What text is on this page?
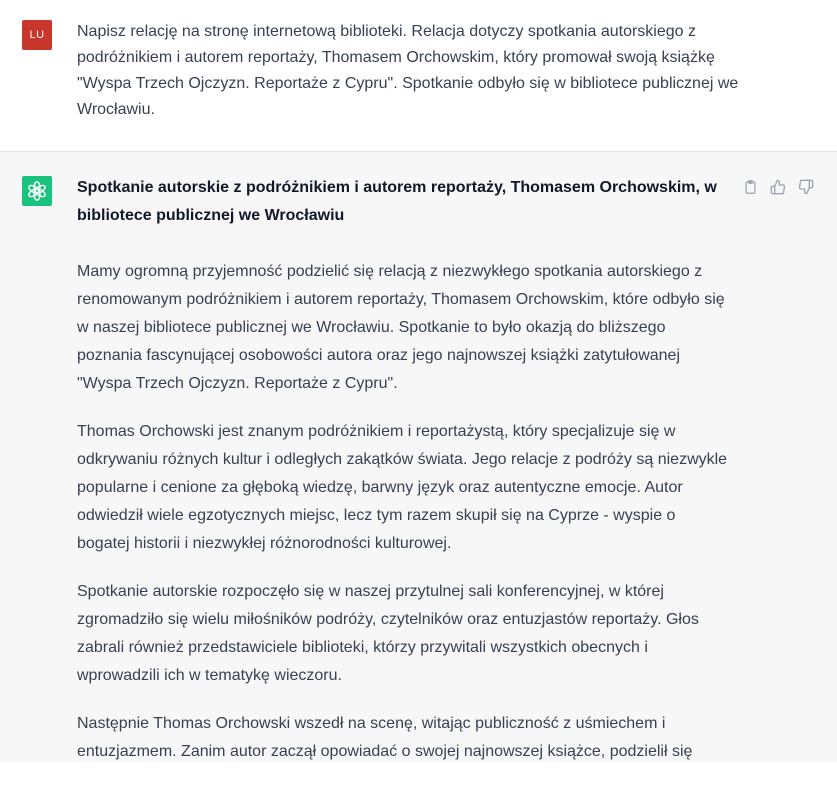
LU Napisz relację na stronę internetową biblioteki. Relacja dotyczy spotkania autorskiego z podróżnikiem i autorem reportaży, Thomasem Orchowskim, który promował swoją książkę "Wyspa Trzech Ojczyzn. Reportaże z Cypru". Spotkanie odbyło się w bibliotece publicznej we Wrocławiu.

Spotkanie autorskie z podróżnikiem i autorem reportaży, Thomasem Orchowskim, w bibliotece publicznej we Wrocławiu

Mamy ogromną przyjemność podzielić się relacją z niezwykłego spotkania autorskiego z renomowanym podróżnikiem i autorem reportaży, Thomasem Orchowskim, które odbyło się w naszej bibliotece publicznej we Wrocławiu. Spotkanie to było okazją do bliższego poznania fascynującej osobowości autora oraz jego najnowszej książki zatytułowanej "Wyspa Trzech Ojczyzn. Reportaże z Cypru".

Thomas Orchowski jest znanym podróżnikiem i reportażystą, który specjalizuje się w odkrywaniu różnych kultur i odległych zakątków świata. Jego relacje z podróży są niezwykle popularne i cenione za głęboką wiedzę, barwny język oraz autentyczne emocje. Autor odwiedził wiele egzotycznych miejsc, lecz tym razem skupił się na Cyprze - wyspie o bogatej historii i niezwykłej różnorodności kulturowej.

Spotkanie autorskie rozpoczęło się w naszej przytulnej sali konferencyjnej, w której zgromadziło się wielu miłośników podróży, czytelników oraz entuzjastów reportaży. Głos zabrali również przedstawiciele biblioteki, którzy przywitali wszystkich obecnych i wprowadzili ich w tematykę wieczoru.

Następnie Thomas Orchowski wszedł na scenę, witając publiczność z uśmiechem i entuzjazmem. Zanim autor zaczął opowiadać o swojej najnowszej książce, podzielił się
